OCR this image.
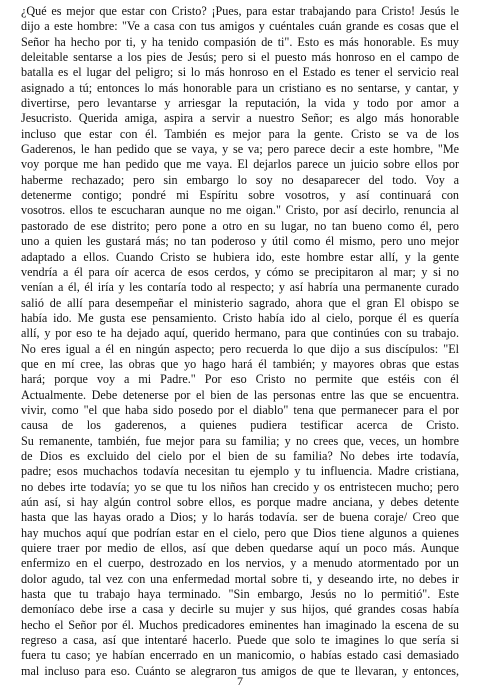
¿Qué es mejor que estar con Cristo? ¡Pues, para estar trabajando para Cristo! Jesús le
dijo a este hombre: "Ve a casa con tus amigos y cuéntales cuán grande es cosas que el
Señor ha hecho por ti, y ha tenido compasión de ti". Esto es más honorable. Es muy
deleitable sentarse a los pies de Jesús; pero si el puesto más honroso en el campo de
batalla es el lugar del peligro; si lo más honroso en el Estado es tener el servicio real
asignado a tú; entonces lo más honorable para un cristiano es no sentarse, y cantar, y
divertirse, pero levantarse y arriesgar la reputación, la vida y todo por amor a
Jesucristo. Querida amiga, aspira a servir a nuestro Señor; es algo más honorable
incluso que estar con él. También es mejor para la gente. Cristo se va de los
Gaderenos, le han pedido que se vaya, y se va; pero parece decir a este hombre, "Me
voy porque me han pedido que me vaya. El dejarlos parece un juicio sobre ellos por
haberme rechazado; pero sin embargo lo soy no desaparecer del todo. Voy a
detenerme contigo; pondré mi Espíritu sobre vosotros, y así continuará con
vosotros. ellos te escucharan aunque no me oigan." Cristo, por así decirlo, renuncia al
pastorado de ese distrito; pero pone a otro en su lugar, no tan bueno como él, pero
uno a quien les gustará más; no tan poderoso y útil como él mismo, pero uno mejor
adaptado a ellos. Cuando Cristo se hubiera ido, este hombre estar allí, y la gente
vendría a él para oír acerca de esos cerdos, y cómo se precipitaron al mar; y si no
venían a él, él iría y les contaría todo al respecto; y así habría una permanente curado
salió de allí para desempeñar el ministerio sagrado, ahora que el gran El obispo se
había ido. Me gusta ese pensamiento. Cristo había ido al cielo, porque él es quería
allí, y por eso te ha dejado aquí, querido hermano, para que continúes con su trabajo.
No eres igual a él en ningún aspecto; pero recuerda lo que dijo a sus discípulos: "El
que en mí cree, las obras que yo hago hará él también; y mayores obras que estas
hará; porque voy a mi Padre." Por eso Cristo no permite que estéis con él
Actualmente. Debe detenerse por el bien de las personas entre las que se encuentra.
vivir, como "el que haba sido posedo por el diablo" tena que permanecer para el por
causa de los gaderenos, a quienes pudiera testificar acerca de Cristo.
Su remanente, también, fue mejor para su familia; y no crees que, veces, un hombre
de Dios es excluido del cielo por el bien de su familia? No debes irte todavía,
padre; esos muchachos todavía necesitan tu ejemplo y tu influencia. Madre cristiana,
no debes irte todavía; yo se que tu los niños han crecido y os entristecen mucho; pero
aún así, si hay algún control sobre ellos, es porque madre anciana, y debes detente
hasta que las hayas orado a Dios; y lo harás todavía. ser de buena coraje/ Creo que
hay muchos aquí que podrían estar en el cielo, pero que Dios tiene algunos a quienes
quiere traer por medio de ellos, así que deben quedarse aquí un poco más. Aunque
enfermizo en el cuerpo, destrozado en los nervios, y a menudo atormentado por un
dolor agudo, tal vez con una enfermedad mortal sobre ti, y deseando irte, no debes ir
hasta que tu trabajo haya terminado. "Sin embargo, Jesús no lo permitió". Este
demoníaco debe irse a casa y decirle su mujer y sus hijos, qué grandes cosas había
hecho el Señor por él. Muchos predicadores eminentes han imaginado la escena de su
regreso a casa, así que intentaré hacerlo. Puede que solo te imagines lo que sería si
fuera tu caso; ye habían encerrado en un manicomio, o habías estado casi demasiado
mal incluso para eso. Cuánto se alegraron tus amigos de que te llevaran, y entonces,
7
